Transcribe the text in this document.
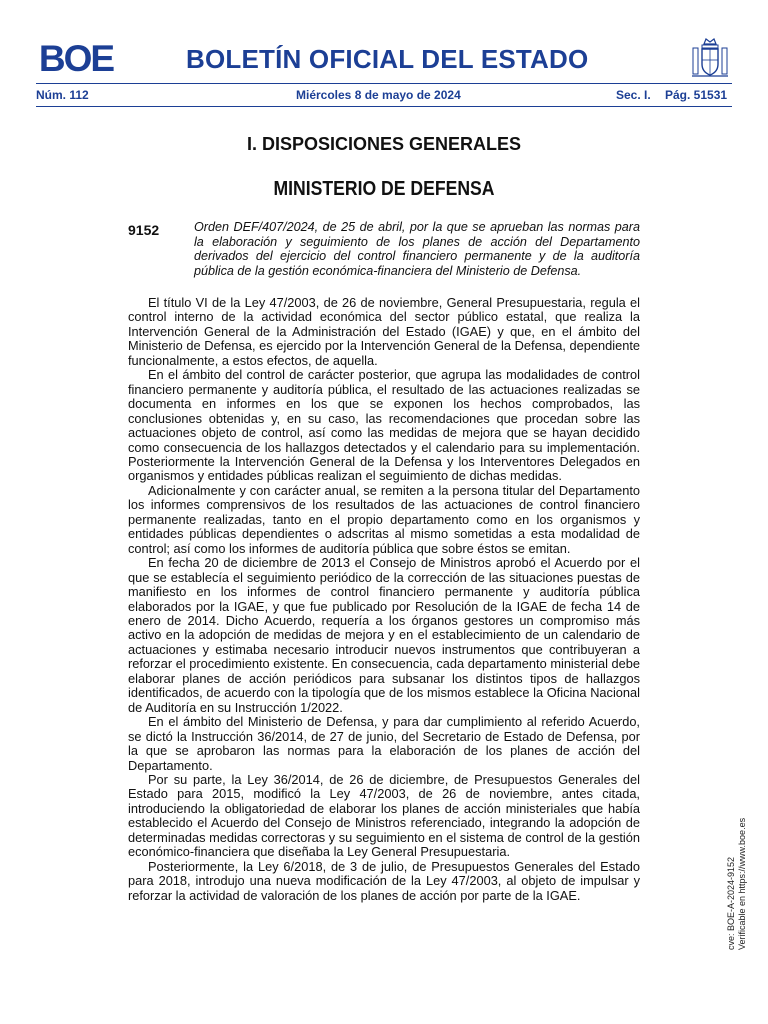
BOE	BOLETÍN OFICIAL DEL ESTADO
Núm. 112	Miércoles 8 de mayo de 2024	Sec. I. Pág. 51531
I. DISPOSICIONES GENERALES
MINISTERIO DE DEFENSA
9152	Orden DEF/407/2024, de 25 de abril, por la que se aprueban las normas para la elaboración y seguimiento de los planes de acción del Departamento derivados del ejercicio del control financiero permanente y de la auditoría pública de la gestión económica-financiera del Ministerio de Defensa.

El título VI de la Ley 47/2003, de 26 de noviembre, General Presupuestaria, regula el control interno de la actividad económica del sector público estatal, que realiza la Intervención General de la Administración del Estado (IGAE) y que, en el ámbito del Ministerio de Defensa, es ejercido por la Intervención General de la Defensa, dependiente funcionalmente, a estos efectos, de aquella.

En el ámbito del control de carácter posterior, que agrupa las modalidades de control financiero permanente y auditoría pública, el resultado de las actuaciones realizadas se documenta en informes en los que se exponen los hechos comprobados, las conclusiones obtenidas y, en su caso, las recomendaciones que procedan sobre las actuaciones objeto de control, así como las medidas de mejora que se hayan decidido como consecuencia de los hallazgos detectados y el calendario para su implementación. Posteriormente la Intervención General de la Defensa y los Interventores Delegados en organismos y entidades públicas realizan el seguimiento de dichas medidas.

Adicionalmente y con carácter anual, se remiten a la persona titular del Departamento los informes comprensivos de los resultados de las actuaciones de control financiero permanente realizadas, tanto en el propio departamento como en los organismos y entidades públicas dependientes o adscritas al mismo sometidas a esta modalidad de control; así como los informes de auditoría pública que sobre éstos se emitan.

En fecha 20 de diciembre de 2013 el Consejo de Ministros aprobó el Acuerdo por el que se establecía el seguimiento periódico de la corrección de las situaciones puestas de manifiesto en los informes de control financiero permanente y auditoría pública elaborados por la IGAE, y que fue publicado por Resolución de la IGAE de fecha 14 de enero de 2014. Dicho Acuerdo, requería a los órganos gestores un compromiso más activo en la adopción de medidas de mejora y en el establecimiento de un calendario de actuaciones y estimaba necesario introducir nuevos instrumentos que contribuyeran a reforzar el procedimiento existente. En consecuencia, cada departamento ministerial debe elaborar planes de acción periódicos para subsanar los distintos tipos de hallazgos identificados, de acuerdo con la tipología que de los mismos establece la Oficina Nacional de Auditoría en su Instrucción 1/2022.

En el ámbito del Ministerio de Defensa, y para dar cumplimiento al referido Acuerdo, se dictó la Instrucción 36/2014, de 27 de junio, del Secretario de Estado de Defensa, por la que se aprobaron las normas para la elaboración de los planes de acción del Departamento.

Por su parte, la Ley 36/2014, de 26 de diciembre, de Presupuestos Generales del Estado para 2015, modificó la Ley 47/2003, de 26 de noviembre, antes citada, introduciendo la obligatoriedad de elaborar los planes de acción ministeriales que había establecido el Acuerdo del Consejo de Ministros referenciado, integrando la adopción de determinadas medidas correctoras y su seguimiento en el sistema de control de la gestión económico-financiera que diseñaba la Ley General Presupuestaria.

Posteriormente, la Ley 6/2018, de 3 de julio, de Presupuestos Generales del Estado para 2018, introdujo una nueva modificación de la Ley 47/2003, al objeto de impulsar y reforzar la actividad de valoración de los planes de acción por parte de la IGAE.	cve: BOE-A-2024-9152 Verificable en https://www.boe.es
